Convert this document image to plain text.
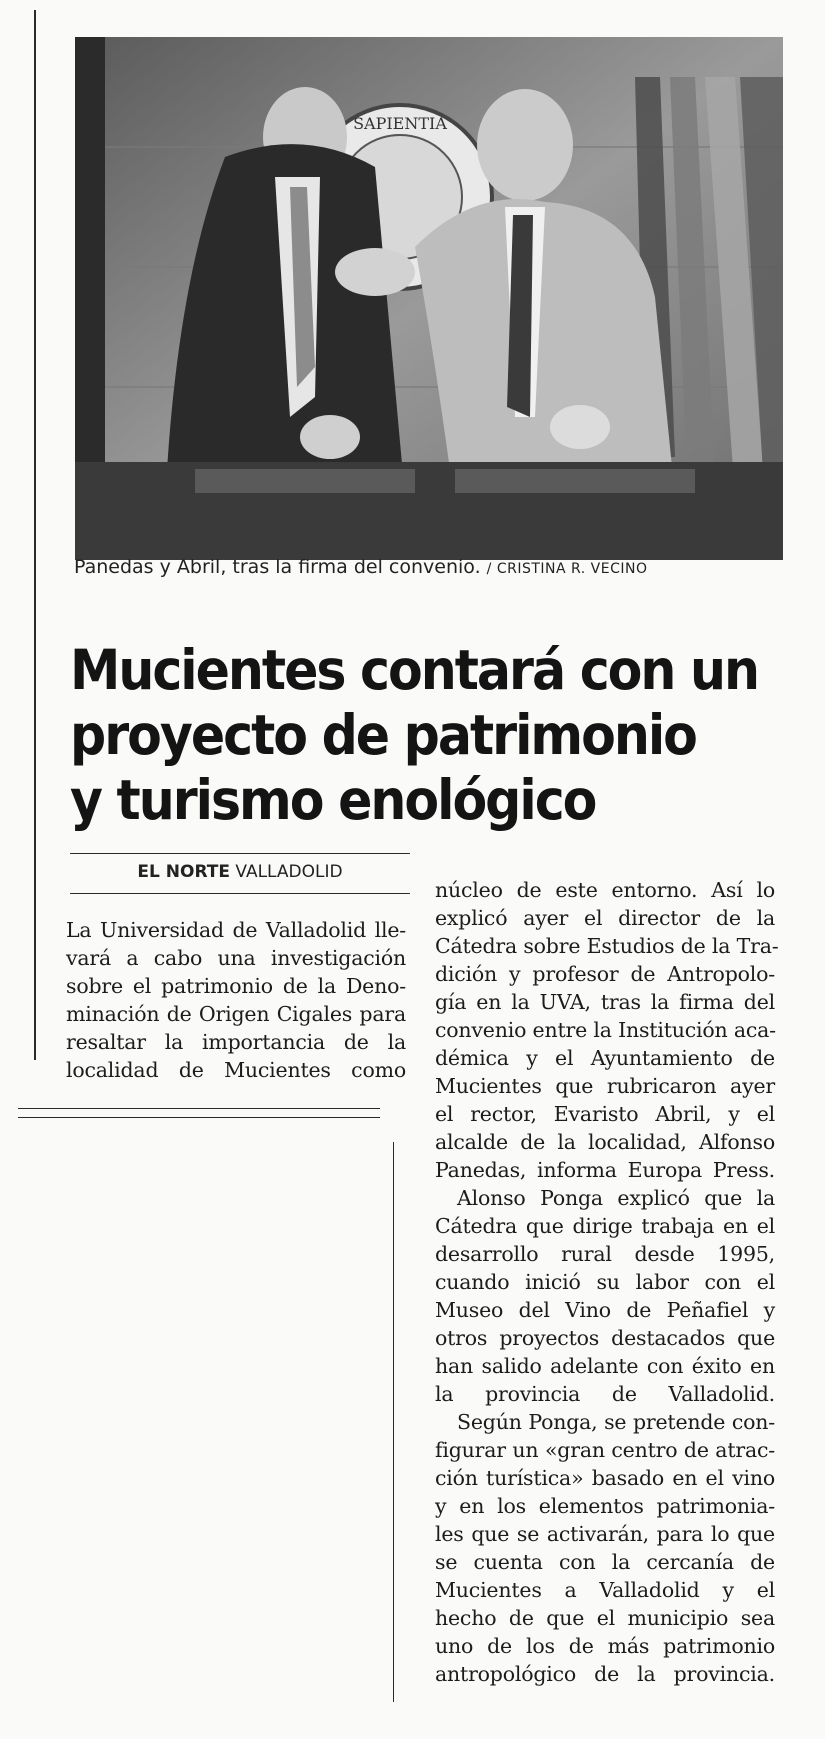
SAPIENTIA
Panedas y Abril, tras la firma del convenio. / CRISTINA R. VECINO
Mucientes contará con un
proyecto de patrimonio
y turismo enológico
EL NORTE VALLADOLID
La Universidad de Valladolid lle-
vará a cabo una investigación
sobre el patrimonio de la Deno-
minación de Origen Cigales para
resaltar la importancia de la
localidad de Mucientes como
núcleo de este entorno. Así lo
explicó ayer el director de la
Cátedra sobre Estudios de la Tra-
dición y profesor de Antropolo-
gía en la UVA, tras la firma del
convenio entre la Institución aca-
démica y el Ayuntamiento de
Mucientes que rubricaron ayer
el rector, Evaristo Abril, y el
alcalde de la localidad, Alfonso
Panedas, informa Europa Press.
Alonso Ponga explicó que la
Cátedra que dirige trabaja en el
desarrollo rural desde 1995,
cuando inició su labor con el
Museo del Vino de Peñafiel y
otros proyectos destacados que
han salido adelante con éxito en
la provincia de Valladolid.
Según Ponga, se pretende con-
figurar un «gran centro de atrac-
ción turística» basado en el vino
y en los elementos patrimonia-
les que se activarán, para lo que
se cuenta con la cercanía de
Mucientes a Valladolid y el
hecho de que el municipio sea
uno de los de más patrimonio
antropológico de la provincia.
